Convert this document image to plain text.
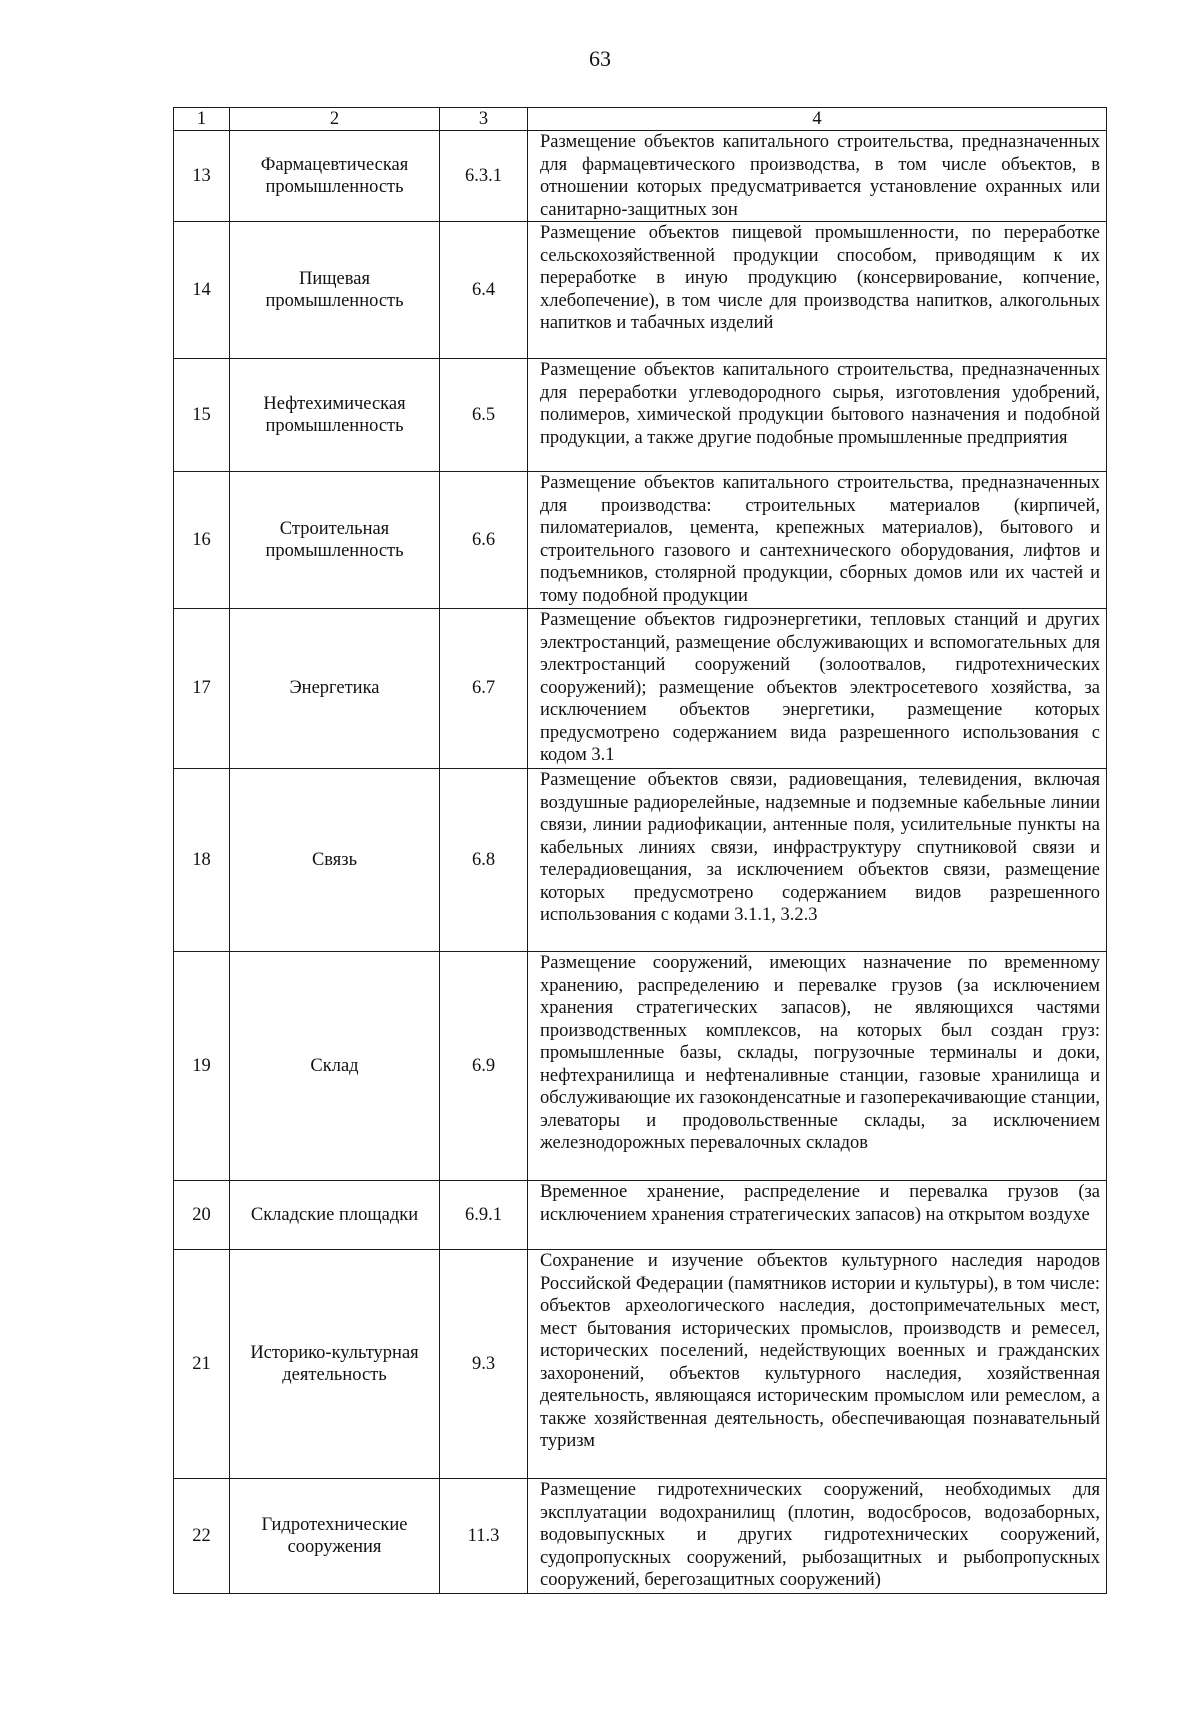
63
1	2	3	4
13	Фармацевтическая промышленность	6.3.1	Размещение объектов капитального строительства, предназначенных для фармацевтического производства, в том числе объектов, в отношении которых предусматривается установление охранных или санитарно-защитных зон
14	Пищевая промышленность	6.4	Размещение объектов пищевой промышленности, по переработке сельскохозяйственной продукции способом, приводящим к их переработке в иную продукцию (консервирование, копчение, хлебопечение), в том числе для производства напитков, алкогольных напитков и табачных изделий
15	Нефтехимическая промышленность	6.5	Размещение объектов капитального строительства, предназначенных для переработки углеводородного сырья, изготовления удобрений, полимеров, химической продукции бытового назначения и подобной продукции, а также другие подобные промышленные предприятия
16	Строительная промышленность	6.6	Размещение объектов капитального строительства, предназначенных для производства: строительных материалов (кирпичей, пиломатериалов, цемента, крепежных материалов), бытового и строительного газового и сантехнического оборудования, лифтов и подъемников, столярной продукции, сборных домов или их частей и тому подобной продукции
17	Энергетика	6.7	Размещение объектов гидроэнергетики, тепловых станций и других электростанций, размещение обслуживающих и вспомогательных для электростанций сооружений (золоотвалов, гидротехнических сооружений); размещение объектов электросетевого хозяйства, за исключением объектов энергетики, размещение которых предусмотрено содержанием вида разрешенного использования с кодом 3.1
18	Связь	6.8	Размещение объектов связи, радиовещания, телевидения, включая воздушные радиорелейные, надземные и подземные кабельные линии связи, линии радиофикации, антенные поля, усилительные пункты на кабельных линиях связи, инфраструктуру спутниковой связи и телерадиовещания, за исключением объектов связи, размещение которых предусмотрено содержанием видов разрешенного использования с кодами 3.1.1, 3.2.3
19	Склад	6.9	Размещение сооружений, имеющих назначение по временному хранению, распределению и перевалке грузов (за исключением хранения стратегических запасов), не являющихся частями производственных комплексов, на которых был создан груз: промышленные базы, склады, погрузочные терминалы и доки, нефтехранилища и нефтеналивные станции, газовые хранилища и обслуживающие их газоконденсатные и газоперекачивающие станции, элеваторы и продовольственные склады, за исключением железнодорожных перевалочных складов
20	Складские площадки	6.9.1	Временное хранение, распределение и перевалка грузов (за исключением хранения стратегических запасов) на открытом воздухе
21	Историко-культурная деятельность	9.3	Сохранение и изучение объектов культурного наследия народов Российской Федерации (памятников истории и культуры), в том числе: объектов археологического наследия, достопримечательных мест, мест бытования исторических промыслов, производств и ремесел, исторических поселений, недействующих военных и гражданских захоронений, объектов культурного наследия, хозяйственная деятельность, являющаяся историческим промыслом или ремеслом, а также хозяйственная деятельность, обеспечивающая познавательный туризм
22	Гидротехнические сооружения	11.3	Размещение гидротехнических сооружений, необходимых для эксплуатации водохранилищ (плотин, водосбросов, водозаборных, водовыпускных и других гидротехнических сооружений, судопропускных сооружений, рыбозащитных и рыбопропускных сооружений, берегозащитных сооружений)
